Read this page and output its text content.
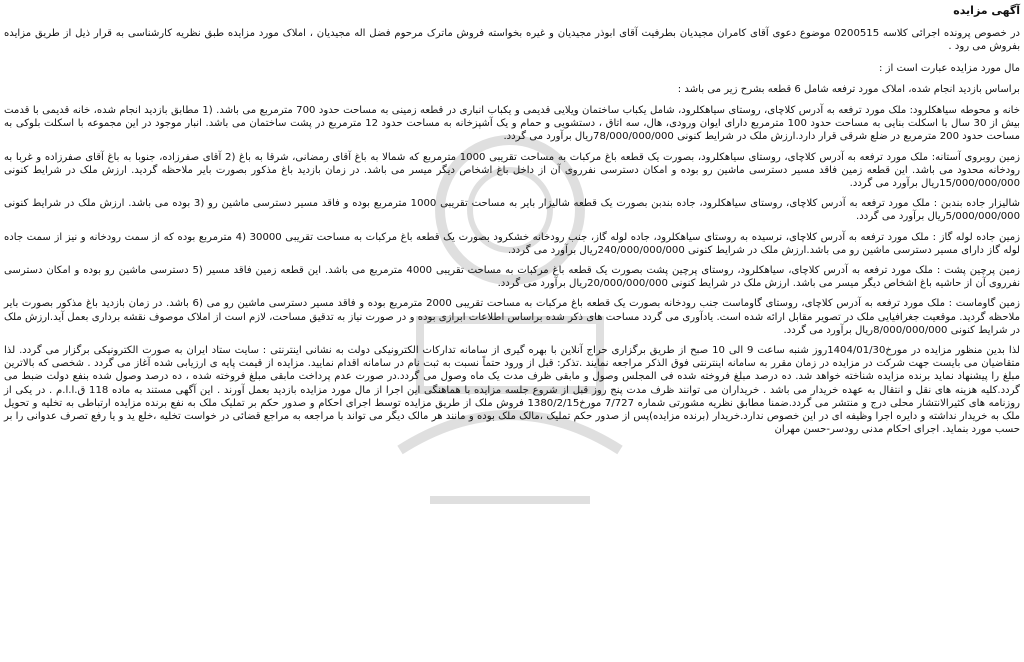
آگهی مزایده

در خصوص پرونده اجرائی کلاسه 0200515 موضوع دعوی آقای کامران مجیدیان بطرفیت آقای ابوذر مجیدیان و غیره بخواسته فروش ماترک مرحوم فضل اله مجیدیان ، املاک مورد مزایده طبق نظریه کارشناسی به قرار ذیل از طریق مزایده بفروش می رود .

مال مورد مزایده عبارت است از :

براساس بازدید انجام شده، املاک مورد ترفعه شامل 6 قطعه بشرح زیر می باشد :

خانه و محوطه سیاهکلرود: ملک مورد ترفعه به آدرس کلاچای، روستای سیاهکلرود، شامل یکباب ساختمان ویلایی قدیمی و یکباب انباری در قطعه زمینی به مساحت حدود 700 مترمربع می باشد. (1 مطابق بازدید انجام شده، خانه قدیمی با قدمت بیش از 30 سال با اسکلت بنایی به مساحت حدود 100 مترمربع دارای ایوان ورودی، هال، سه اتاق ، دستشویی و حمام و یک آشپزخانه به مساحت حدود 12 مترمربع در پشت ساختمان می باشد. انبار موجود در این مجموعه با اسکلت بلوکی به مساحت حدود 200 مترمربع در ضلع شرقی قرار دارد.ارزش ملک در شرایط کنونی 78/000/000/000ریال برآورد می گردد.

زمین روبروی آستانه: ملک مورد ترفعه به آدرس کلاچای، روستای سیاهکلرود، بصورت یک قطعه باغ مرکبات به مساحت تقریبی 1000 مترمربع که شمالا به باغ آقای رمضانی، شرقا به باغ (2 آقای صفرزاده، جنوبا به باغ آقای صفرزاده و غربا به رودخانه محدود می باشد. این قطعه زمین فاقد مسیر دسترسی ماشین رو بوده و امکان دسترسی نفرروی آن از داخل باغ اشخاص دیگر میسر می باشد. در زمان بازدید باغ مذکور بصورت بایر ملاحظه گردید. ارزش ملک در شرایط کنونی 15/000/000/000ریال برآورد می گردد.

شالیزار جاده بندبن : ملک مورد ترفعه به آدرس کلاچای، روستای سیاهکلرود، جاده بندبن بصورت یک قطعه شالیزار بایر به مساحت تقریبی 1000 مترمربع بوده و فاقد مسیر دسترسی ماشین رو (3 بوده می باشد. ارزش ملک در شرایط کنونی 5/000/000/000ریال برآورد می گردد.

زمین جاده لوله گاز : ملک مورد ترفعه به آدرس کلاچای، نرسیده به روستای سیاهکلرود، جاده لوله گاز، جنب رودخانه خشکرود بصورت یک قطعه باغ مرکبات به مساحت تقریبی 30000 (4 مترمربع بوده که از سمت رودخانه و نیز از سمت جاده لوله گاز دارای مسیر دسترسی ماشین رو می باشد.ارزش ملک در شرایط کنونی 240/000/000/000ریال برآورد می گردد.

زمین پرچین پشت : ملک مورد ترفعه به آدرس کلاچای، سیاهکلرود، روستای پرچین پشت بصورت یک قطعه باغ مرکبات به مساحت تقریبی 4000 مترمربع می باشد. این قطعه زمین فاقد مسیر (5 دسترسی ماشین رو بوده و امکان دسترسی نفرروی آن از حاشیه باغ اشخاص دیگر میسر می باشد. ارزش ملک در شرایط کنونی 20/000/000/000ریال برآورد می گردد.

زمین گاوماست : ملک مورد ترفعه به آدرس کلاچای، روستای گاوماست جنب رودخانه بصورت یک قطعه باغ مرکبات به مساحت تقریبی 2000 مترمربع بوده و فاقد مسیر دسترسی ماشین رو می (6 باشد. در زمان بازدید باغ مذکور بصورت بایر ملاحظه گردید. موقعیت جغرافیایی ملک در تصویر مقابل ارائه شده است. یادآوری می گردد مساحت های ذکر شده براساس اطلاعات ابرازی بوده و در صورت نیاز به تدقیق مساحت، لازم است از املاک موصوف نقشه برداری بعمل آید.ارزش ملک در شرایط کنونی 8/000/000/000ریال برآورد می گردد.

لذا بدین منظور مزایده در مورخ1404/01/30روز شنبه ساعت 9 الی 10 صبح از طریق برگزاری حراج آنلاین با بهره گیری از سامانه تدارکات الکترونیکی دولت به نشانی اینترنتی : سایت ستاد ایران به صورت الکترونیکی برگزار می گردد. لذا متقاضیان می بایست جهت شرکت در مزایده در زمان مقرر به سامانه اینترنتی فوق الذکر مراجعه نمایند .تذکر: قبل از ورود حتماً نسبت به ثبت نام در سامانه اقدام نمایید. مزایده از قیمت پایه ی ارزیابی شده آغاز می گردد . شخصی که بالاترین مبلغ را پیشنهاد نماید برنده مزایده شناخته خواهد شد. ده درصد مبلغ فروخته شده فی المجلس وصول و مابقی ظرف مدت یک ماه وصول می گردد.در صورت عدم پرداخت مابقی مبلغ فروخته شده ، ده درصد وصول شده بنفع دولت ضبط می گردد.کلیه هزینه های نقل و انتقال به عهده خریدار می باشد . خریداران می توانند ظرف مدت پنج روز قبل از شروع جلسه مزایده با هماهنگی این اجرا از مال مورد مزایده بازدید بعمل آورند . این آگهی مستند به ماده 118 ق.ا.ا.م . در یکی از روزنامه های کثیرالانتشار محلی درج و منتشر می گردد.ضمنا مطابق نظریه مشورتی شماره 7/727 مورخ1380/2/15 فروش ملک از طریق مزایده توسط اجرای احکام و صدور حکم بر تملیک ملک به نفع برنده مزایده ارتباطی به تخلیه و تحویل ملک به خریدار نداشته و دایره اجرا وظیفه ای در این خصوص ندارد.خریدار (برنده مزایده)پس از صدور حکم تملیک ،مالک ملک بوده و مانند هر مالک دیگر می تواند با مراجعه به مراجع قضائی در خواست تخلیه ،خلع ید و یا رفع تصرف عدوانی را بر حسب مورد بنماید. اجرای احکام مدنی رودسر-حسن مهران
